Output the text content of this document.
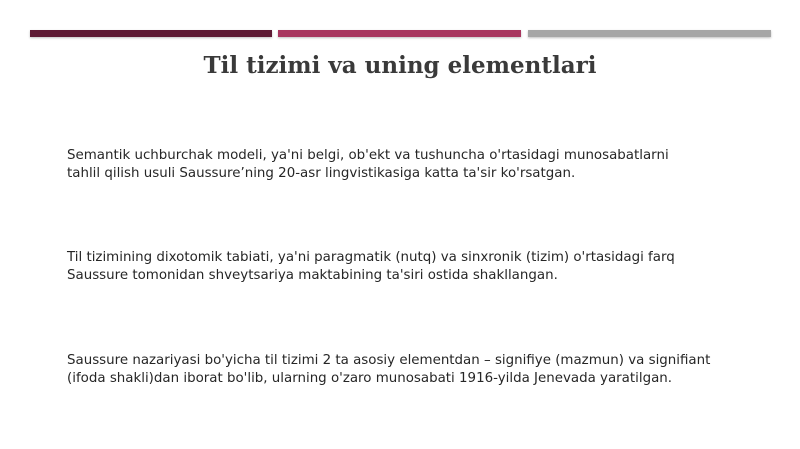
Til tizimi va uning elementlari

Semantik uchburchak modeli, ya'ni belgi, ob'ekt va tushuncha o'rtasidagi munosabatlarni
tahlil qilish usuli Saussure’ning 20-asr lingvistikasiga katta ta'sir ko'rsatgan.

Til tizimining dixotomik tabiati, ya'ni paragmatik (nutq) va sinxronik (tizim) o'rtasidagi farq
Saussure tomonidan shveytsariya maktabining ta'siri ostida shakllangan.

Saussure nazariyasi bo'yicha til tizimi 2 ta asosiy elementdan – signifiye (mazmun) va signifiant
(ifoda shakli)dan iborat bo'lib, ularning o'zaro munosabati 1916-yilda Jenevada yaratilgan.
